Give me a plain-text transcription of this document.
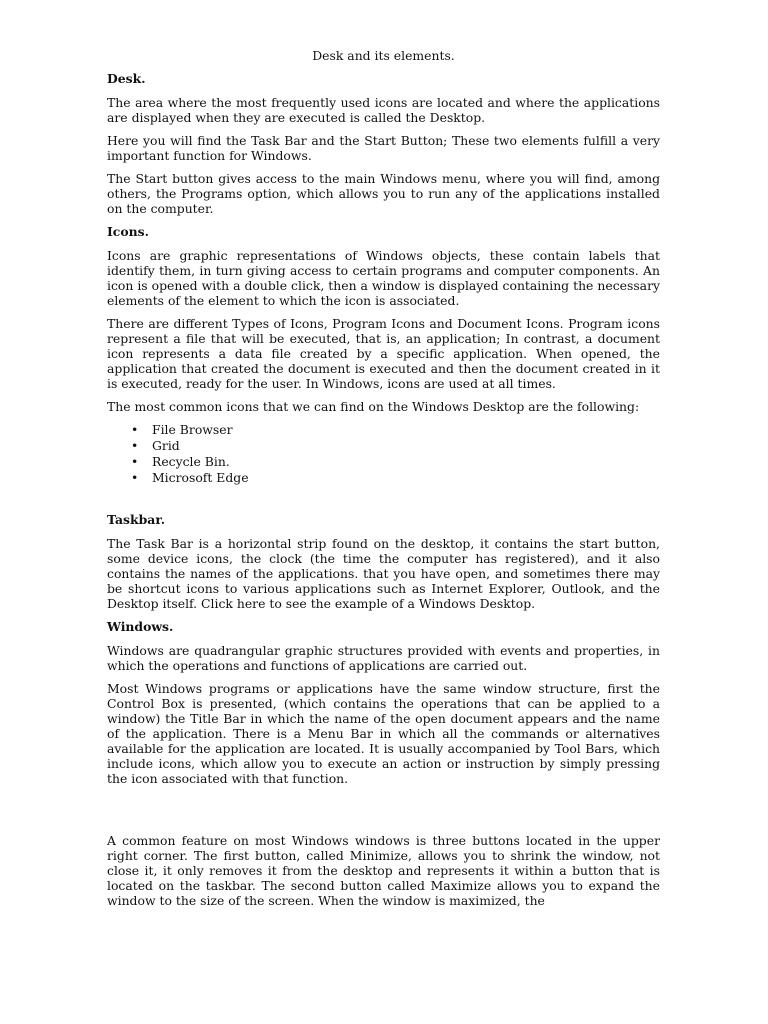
Desk and its elements.
Desk.

The area where the most frequently used icons are located and where the applications are displayed when they are executed is called the Desktop.

Here you will find the Task Bar and the Start Button; These two elements fulfill a very important function for Windows.

The Start button gives access to the main Windows menu, where you will find, among others, the Programs option, which allows you to run any of the applications installed on the computer.

Icons.

Icons are graphic representations of Windows objects, these contain labels that identify them, in turn giving access to certain programs and computer components. An icon is opened with a double click, then a window is displayed containing the necessary elements of the element to which the icon is associated.

There are different Types of Icons, Program Icons and Document Icons. Program icons represent a file that will be executed, that is, an application; In contrast, a document icon represents a data file created by a specific application. When opened, the application that created the document is executed and then the document created in it is executed, ready for the user. In Windows, icons are used at all times.

The most common icons that we can find on the Windows Desktop are the following:

• File Browser
• Grid
• Recycle Bin.
• Microsoft Edge
Taskbar.

The Task Bar is a horizontal strip found on the desktop, it contains the start button, some device icons, the clock (the time the computer has registered), and it also contains the names of the applications. that you have open, and sometimes there may be shortcut icons to various applications such as Internet Explorer, Outlook, and the Desktop itself. Click here to see the example of a Windows Desktop.

Windows.

Windows are quadrangular graphic structures provided with events and properties, in which the operations and functions of applications are carried out.

Most Windows programs or applications have the same window structure, first the Control Box is presented, (which contains the operations that can be applied to a window) the Title Bar in which the name of the open document appears and the name of the application. There is a Menu Bar in which all the commands or alternatives available for the application are located. It is usually accompanied by Tool Bars, which include icons, which allow you to execute an action or instruction by simply pressing the icon associated with that function.

A common feature on most Windows windows is three buttons located in the upper right corner. The first button, called Minimize, allows you to shrink the window, not close it, it only removes it from the desktop and represents it within a button that is located on the taskbar. The second button called Maximize allows you to expand the window to the size of the screen. When the window is maximized, the
